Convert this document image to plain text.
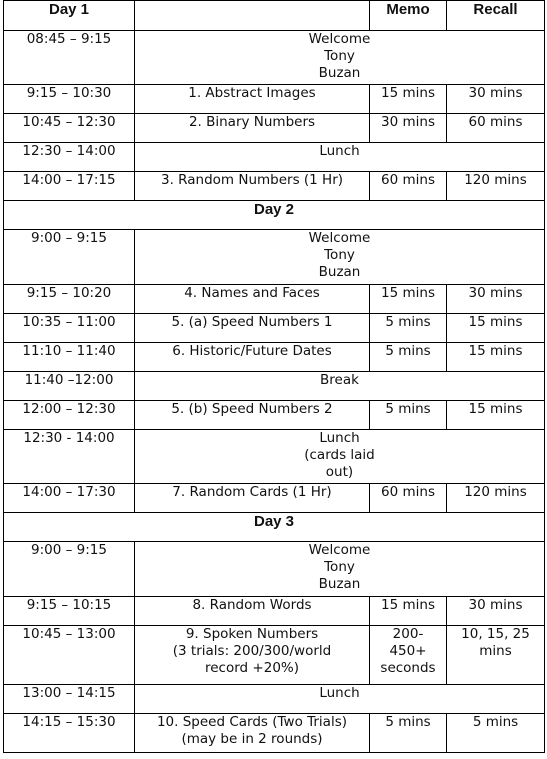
Day 1		Memo	Recall
08:45 – 9:15	Welcome
Tony
Buzan		
9:15 – 10:30	1. Abstract Images	15 mins	30 mins
10:45 – 12:30	2. Binary Numbers	30 mins	60 mins
12:30 – 14:00	Lunch		
14:00 – 17:15	3. Random Numbers (1 Hr)	60 mins	120 mins
Day 2			
9:00 – 9:15	Welcome
Tony
Buzan		
9:15 – 10:20	4. Names and Faces	15 mins	30 mins
10:35 – 11:00	5. (a) Speed Numbers 1	5 mins	15 mins
11:10 – 11:40	6. Historic/Future Dates	5 mins	15 mins
11:40 –12:00	Break		
12:00 – 12:30	5. (b) Speed Numbers 2	5 mins	15 mins
12:30 - 14:00	Lunch
(cards laid
out)		
14:00 – 17:30	7. Random Cards (1 Hr)	60 mins	120 mins
Day 3			
9:00 – 9:15	Welcome
Tony
Buzan		
9:15 – 10:15	8. Random Words	15 mins	30 mins
10:45 – 13:00	9. Spoken Numbers
(3 trials: 200/300/world
record +20%)	200-
450+
seconds	10, 15, 25
mins
13:00 – 14:15	Lunch		
14:15 – 15:30	10. Speed Cards (Two Trials)
(may be in 2 rounds)	5 mins	5 mins
